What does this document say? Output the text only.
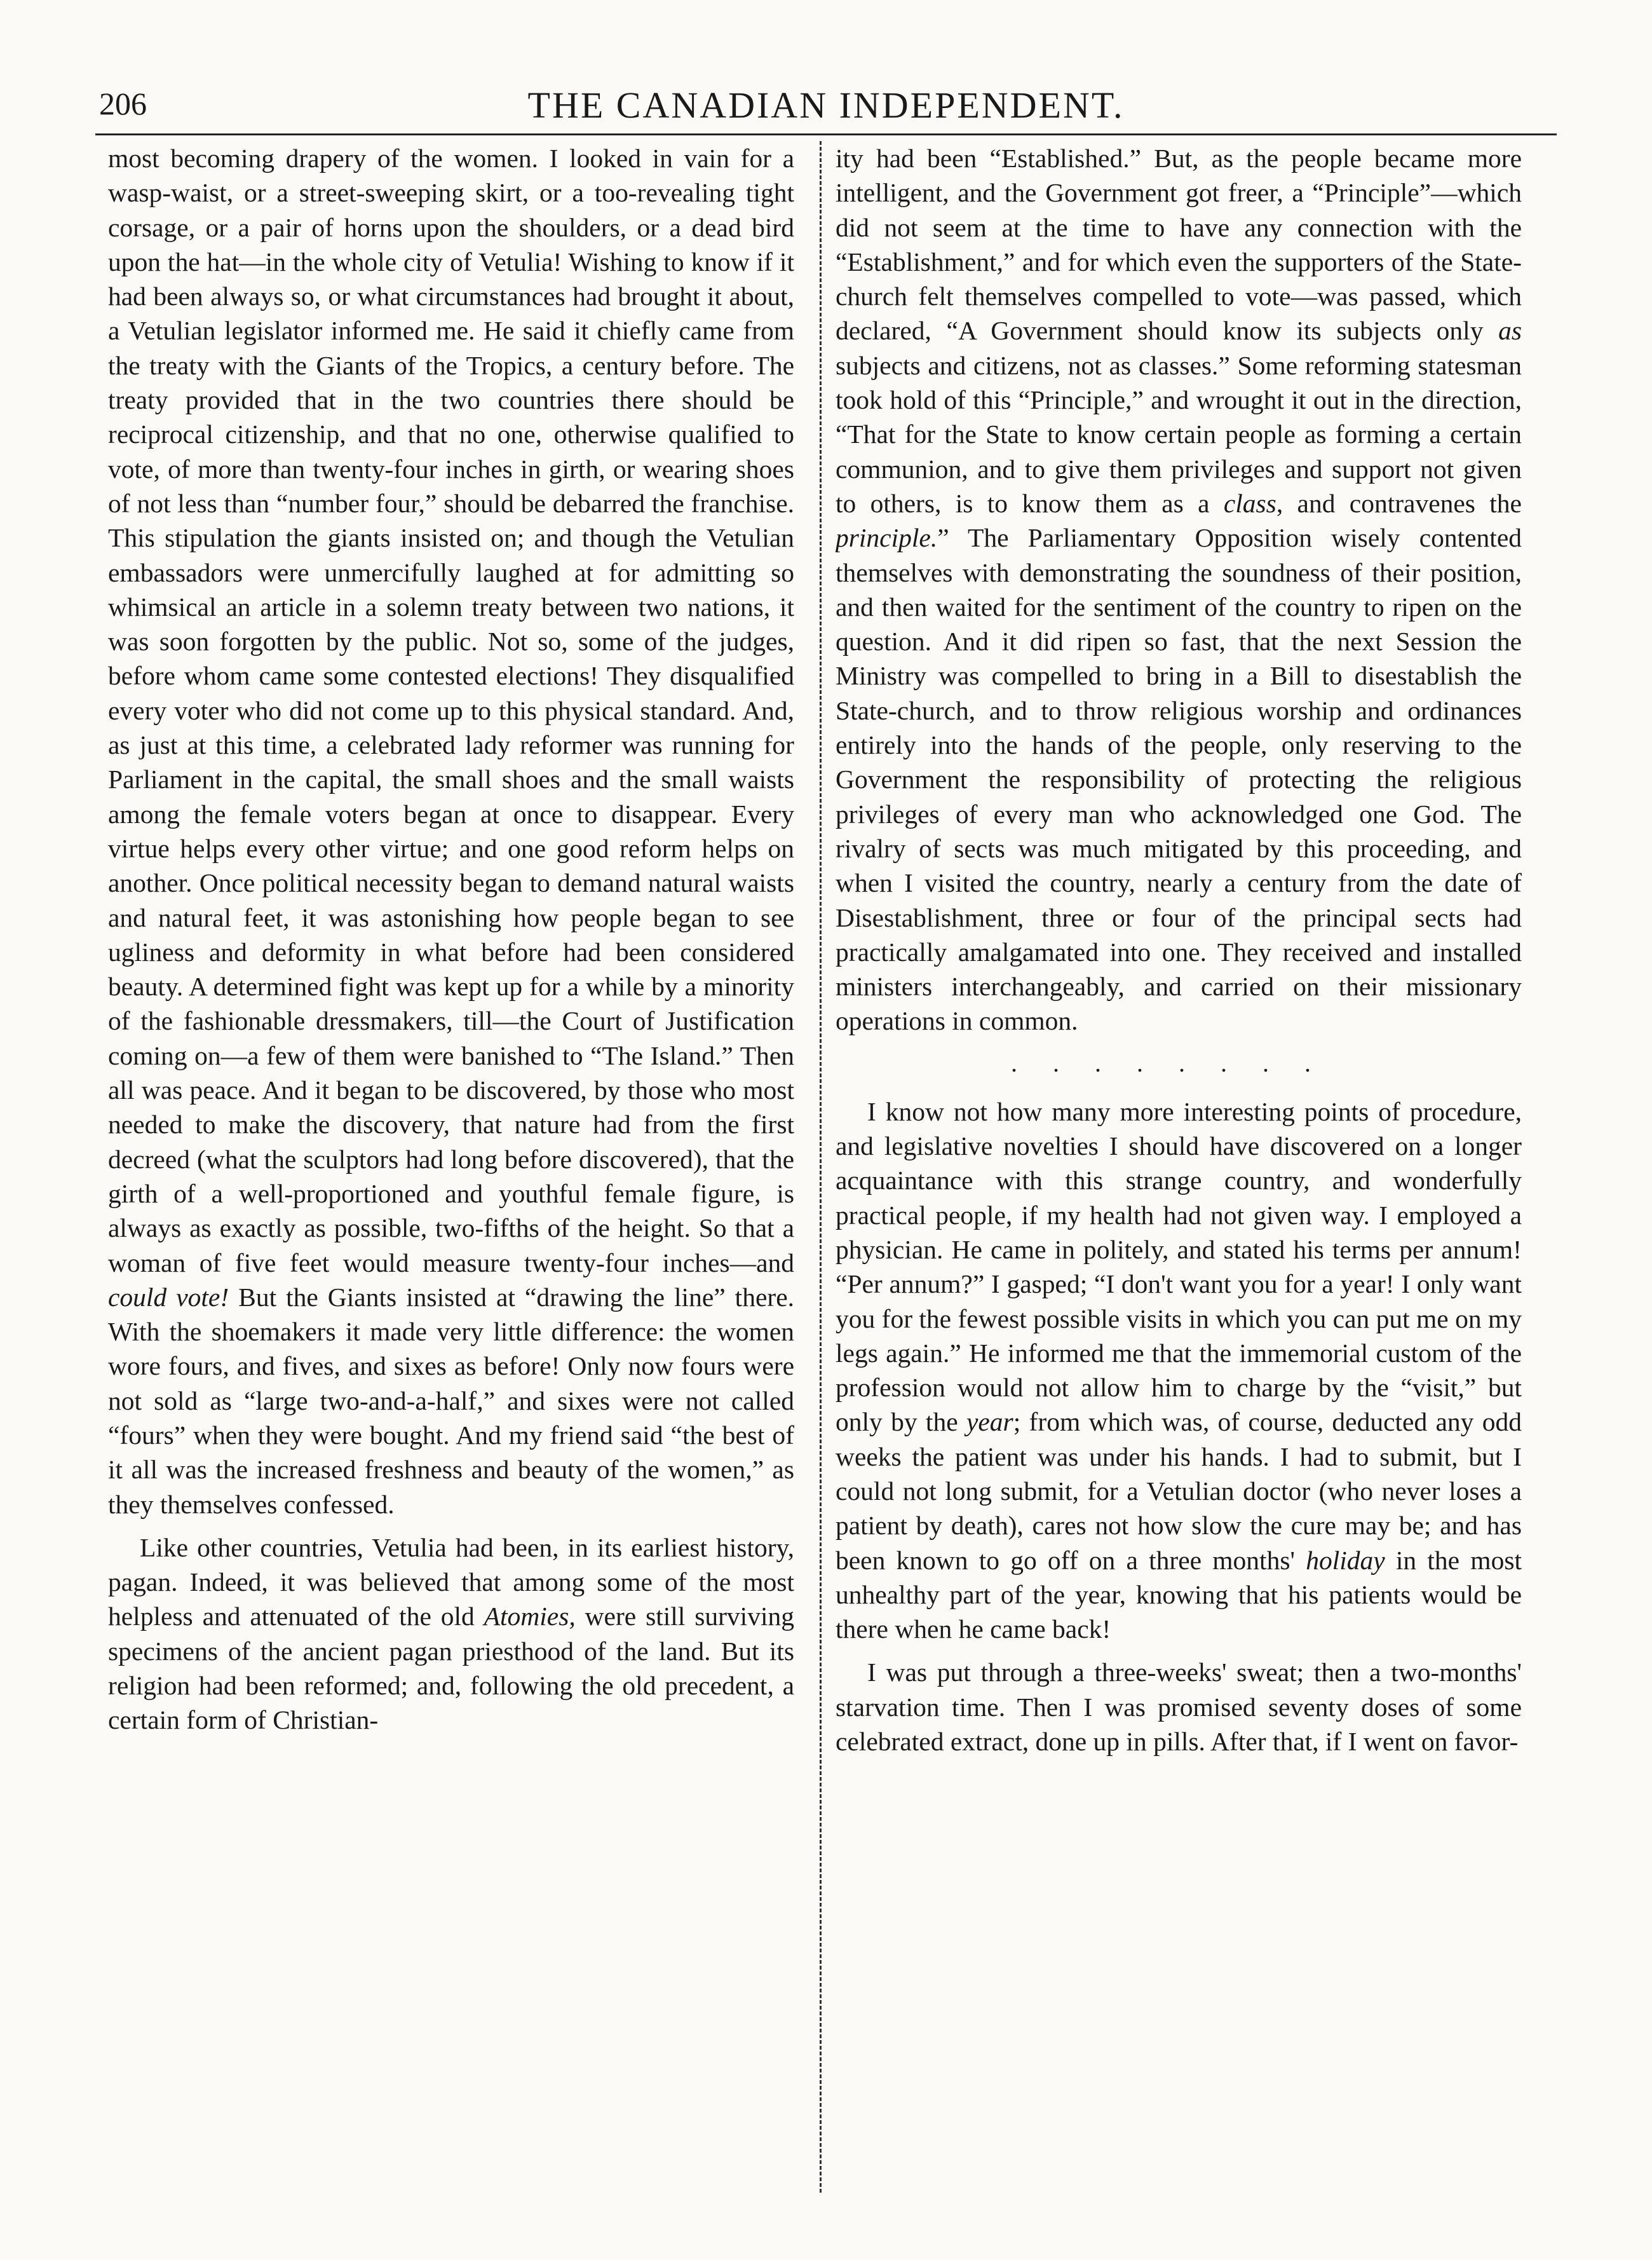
206	THE CANADIAN INDEPENDENT.

most becoming drapery of the women. I looked in vain for a wasp-waist, or a street-sweeping skirt, or a too-revealing tight corsage, or a pair of horns upon the shoulders, or a dead bird upon the hat—in the whole city of Vetulia! Wishing to know if it had been always so, or what circumstances had brought it about, a Vetulian legislator informed me. He said it chiefly came from the treaty with the Giants of the Tropics, a century before. The treaty provided that in the two countries there should be reciprocal citizenship, and that no one, otherwise qualified to vote, of more than twenty-four inches in girth, or wearing shoes of not less than “number four,” should be debarred the franchise. This stipulation the giants insisted on; and though the Vetulian embassadors were unmercifully laughed at for admitting so whimsical an article in a solemn treaty between two nations, it was soon forgotten by the public. Not so, some of the judges, before whom came some contested elections! They disqualified every voter who did not come up to this physical standard. And, as just at this time, a celebrated lady reformer was running for Parliament in the capital, the small shoes and the small waists among the female voters began at once to disappear. Every virtue helps every other virtue; and one good reform helps on another. Once political necessity began to demand natural waists and natural feet, it was astonishing how people began to see ugliness and deformity in what before had been considered beauty. A determined fight was kept up for a while by a minority of the fashionable dressmakers, till—the Court of Justification coming on—a few of them were banished to “The Island.” Then all was peace. And it began to be discovered, by those who most needed to make the discovery, that nature had from the first decreed (what the sculptors had long before discovered), that the girth of a well-proportioned and youthful female figure, is always as exactly as possible, two-fifths of the height. So that a woman of five feet would measure twenty-four inches—and could vote! But the Giants insisted at “drawing the line” there. With the shoemakers it made very little difference: the women wore fours, and fives, and sixes as before! Only now fours were not sold as “large two-and-a-half,” and sixes were not called “fours” when they were bought. And my friend said “the best of it all was the increased freshness and beauty of the women,” as they themselves confessed.

Like other countries, Vetulia had been, in its earliest history, pagan. Indeed, it was believed that among some of the most helpless and attenuated of the old Atomies, were still surviving specimens of the ancient pagan priesthood of the land. But its religion had been reformed; and, following the old precedent, a certain form of Christian-

ity had been “Established.” But, as the people became more intelligent, and the Government got freer, a “Principle”—which did not seem at the time to have any connection with the “Establishment,” and for which even the supporters of the State-church felt themselves compelled to vote—was passed, which declared, “A Government should know its subjects only as subjects and citizens, not as classes.” Some reforming statesman took hold of this “Principle,” and wrought it out in the direction, “That for the State to know certain people as forming a certain communion, and to give them privileges and support not given to others, is to know them as a class, and contravenes the principle.” The Parliamentary Opposition wisely contented themselves with demonstrating the soundness of their position, and then waited for the sentiment of the country to ripen on the question. And it did ripen so fast, that the next Session the Ministry was compelled to bring in a Bill to disestablish the State-church, and to throw religious worship and ordinances entirely into the hands of the people, only reserving to the Government the responsibility of protecting the religious privileges of every man who acknowledged one God. The rivalry of sects was much mitigated by this proceeding, and when I visited the country, nearly a century from the date of Disestablishment, three or four of the principal sects had practically amalgamated into one. They received and installed ministers interchangeably, and carried on their missionary operations in common.

........

I know not how many more interesting points of procedure, and legislative novelties I should have discovered on a longer acquaintance with this strange country, and wonderfully practical people, if my health had not given way. I employed a physician. He came in politely, and stated his terms per annum! “Per annum?” I gasped; “I don't want you for a year! I only want you for the fewest possible visits in which you can put me on my legs again.” He informed me that the immemorial custom of the profession would not allow him to charge by the “visit,” but only by the year; from which was, of course, deducted any odd weeks the patient was under his hands. I had to submit, but I could not long submit, for a Vetulian doctor (who never loses a patient by death), cares not how slow the cure may be; and has been known to go off on a three months' holiday in the most unhealthy part of the year, knowing that his patients would be there when he came back!

I was put through a three-weeks' sweat; then a two-months' starvation time. Then I was promised seventy doses of some celebrated extract, done up in pills. After that, if I went on favor-
